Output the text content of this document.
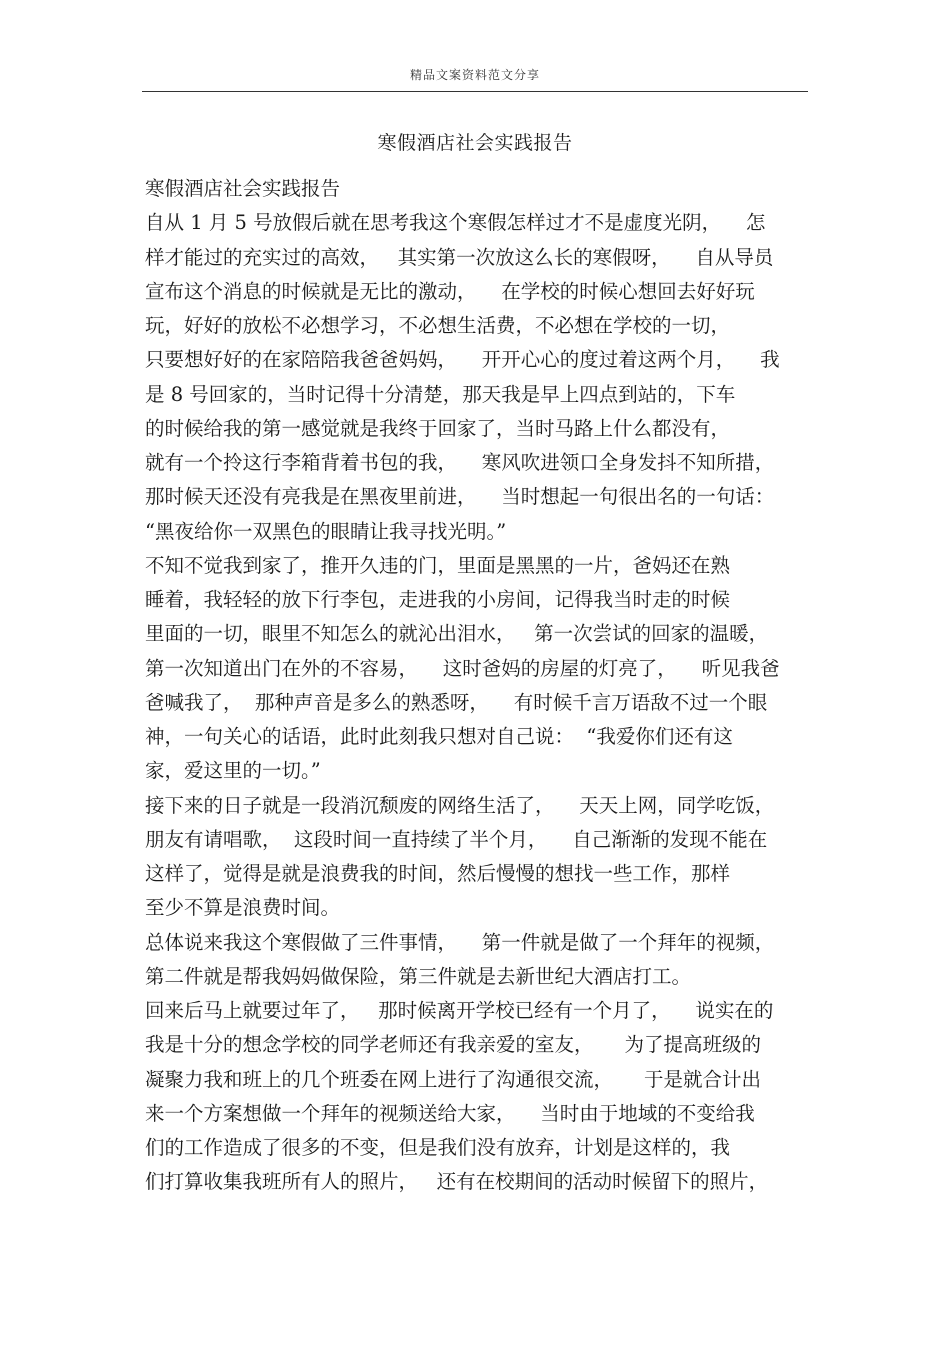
精品文案资料范文分享
寒假酒店社会实践报告
寒假酒店社会实践报告
自从 1 月 5 号放假后就在思考我这个寒假怎样过才不是虚度光阴，    怎
样才能过的充实过的高效，   其实第一次放这么长的寒假呀，    自从导员
宣布这个消息的时候就是无比的激动，    在学校的时候心想回去好好玩
玩，好好的放松不必想学习，不必想生活费，不必想在学校的一切，
只要想好好的在家陪陪我爸爸妈妈，    开开心心的度过着这两个月，    我
是 8 号回家的，当时记得十分清楚，那天我是早上四点到站的，下车
的时候给我的第一感觉就是我终于回家了，当时马路上什么都没有，
就有一个拎这行李箱背着书包的我，    寒风吹进领口全身发抖不知所措，
那时候天还没有亮我是在黑夜里前进，    当时想起一句很出名的一句话：
“黑夜给你一双黑色的眼睛让我寻找光明。”
不知不觉我到家了，推开久违的门，里面是黑黑的一片，爸妈还在熟
睡着，我轻轻的放下行李包，走进我的小房间，记得我当时走的时候
里面的一切，眼里不知怎么的就沁出泪水，   第一次尝试的回家的温暖，
第一次知道出门在外的不容易，    这时爸妈的房屋的灯亮了，    听见我爸
爸喊我了，  那种声音是多么的熟悉呀，    有时候千言万语敌不过一个眼
神，一句关心的话语，此时此刻我只想对自己说：  “我爱你们还有这
家，爱这里的一切。”
接下来的日子就是一段消沉颓废的网络生活了，    天天上网，同学吃饭，
朋友有请唱歌，  这段时间一直持续了半个月，    自己渐渐的发现不能在
这样了，觉得是就是浪费我的时间，然后慢慢的想找一些工作，那样
至少不算是浪费时间。
总体说来我这个寒假做了三件事情，    第一件就是做了一个拜年的视频，
第二件就是帮我妈妈做保险，第三件就是去新世纪大酒店打工。
回来后马上就要过年了，   那时候离开学校已经有一个月了，    说实在的
我是十分的想念学校的同学老师还有我亲爱的室友，     为了提高班级的
凝聚力我和班上的几个班委在网上进行了沟通很交流，     于是就合计出
来一个方案想做一个拜年的视频送给大家，    当时由于地域的不变给我
们的工作造成了很多的不变，但是我们没有放弃，计划是这样的，我
们打算收集我班所有人的照片，   还有在校期间的活动时候留下的照片，
